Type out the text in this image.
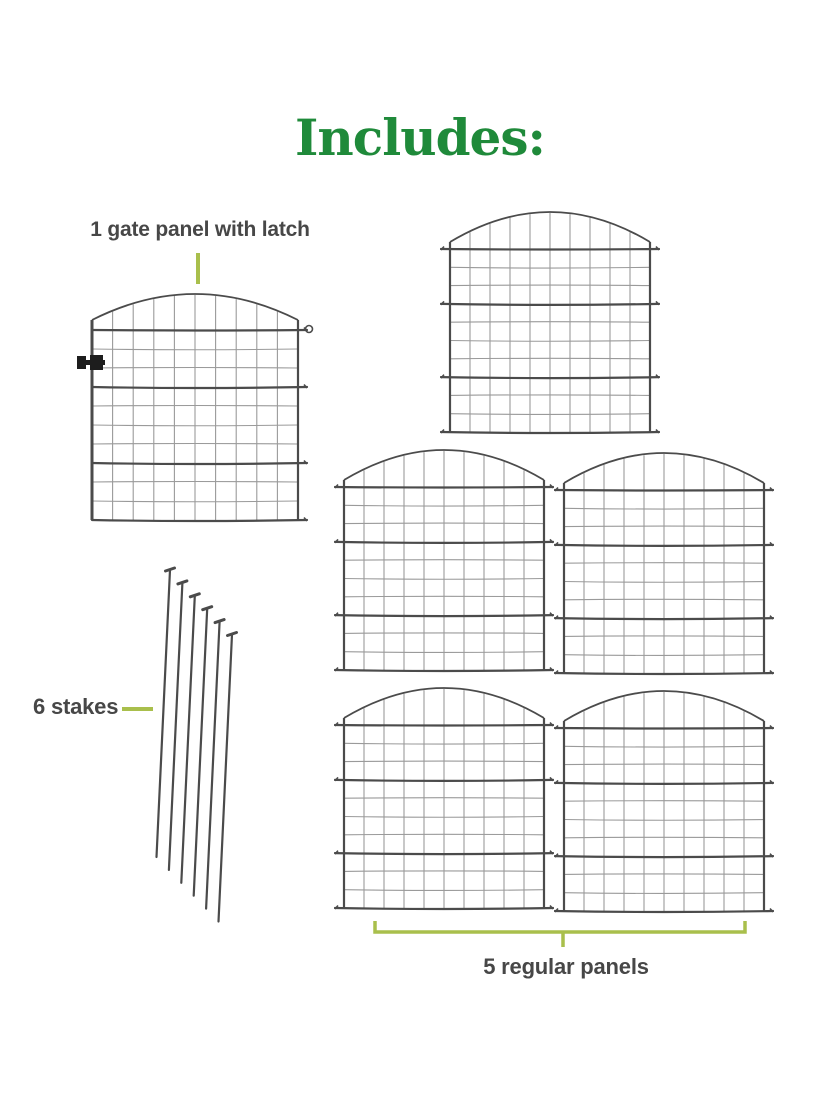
Includes:
1 gate panel with latch
6 stakes
5 regular panels
